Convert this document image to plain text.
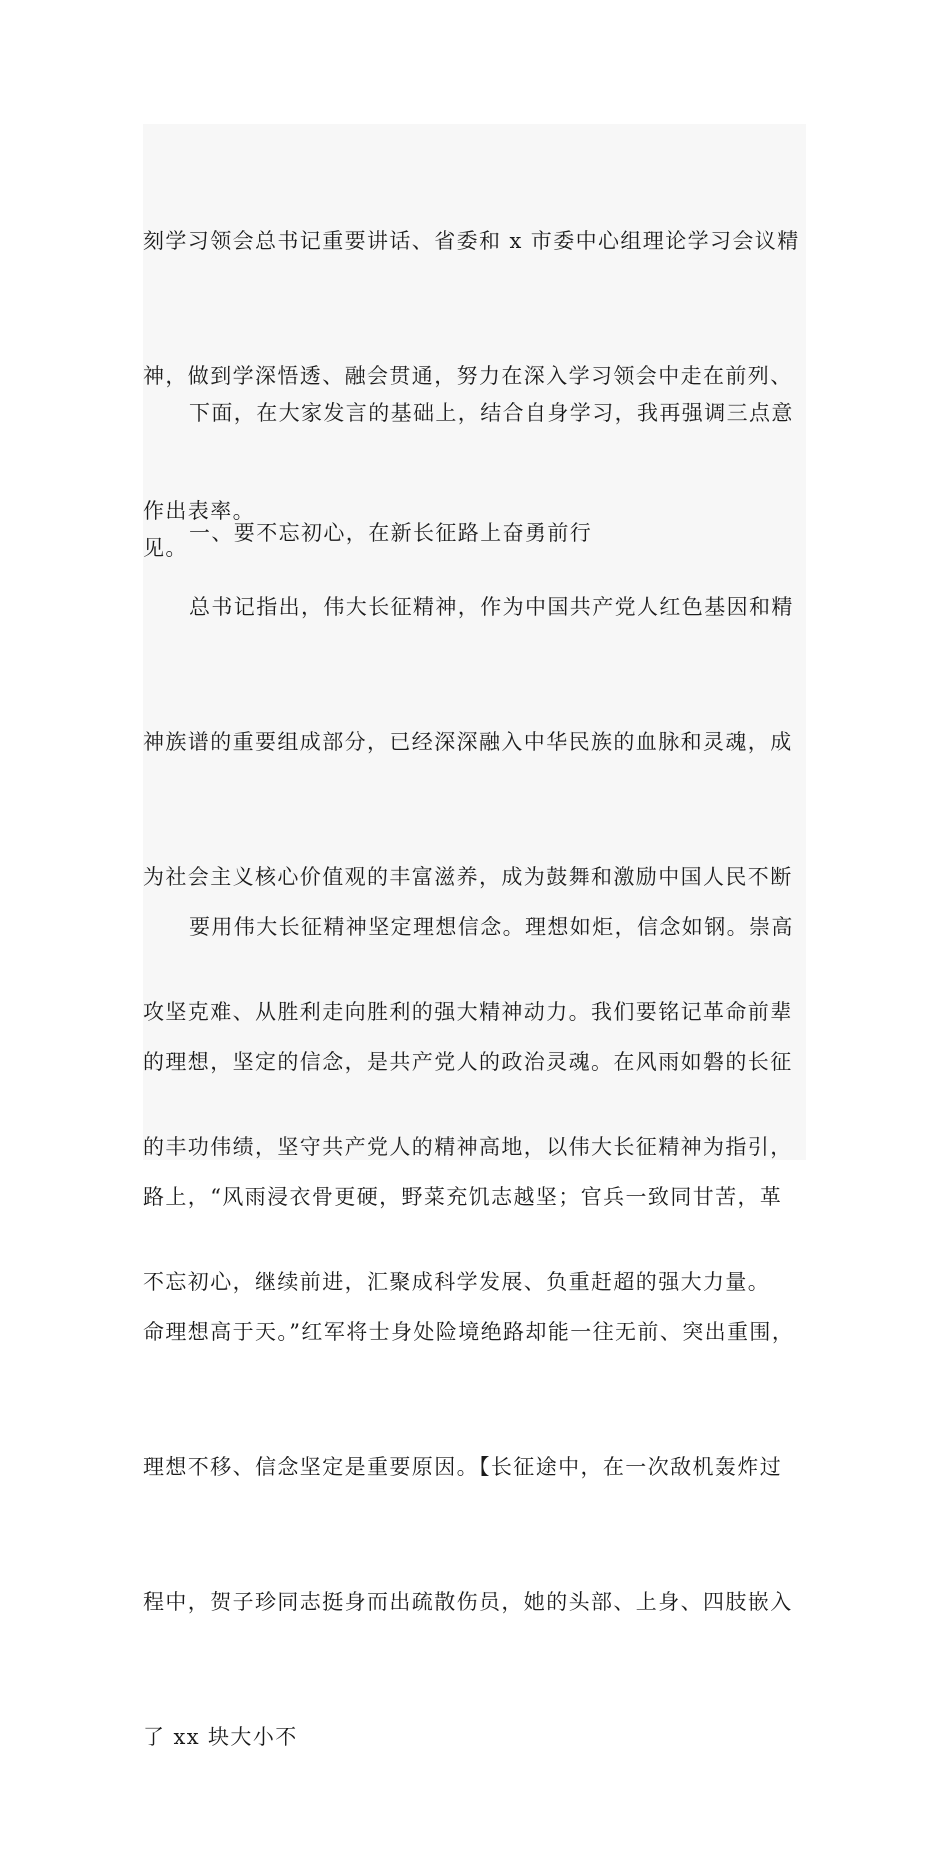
刻学习领会总书记重要讲话、省委和 x 市委中心组理论学习会议精

神，做到学深悟透、融会贯通，努力在深入学习领会中走在前列、

作出表率。

下面，在大家发言的基础上，结合自身学习，我再强调三点意

见。

一、要不忘初心，在新长征路上奋勇前行

总书记指出，伟大长征精神，作为中国共产党人红色基因和精

神族谱的重要组成部分，已经深深融入中华民族的血脉和灵魂，成

为社会主义核心价值观的丰富滋养，成为鼓舞和激励中国人民不断

攻坚克难、从胜利走向胜利的强大精神动力。我们要铭记革命前辈

的丰功伟绩，坚守共产党人的精神高地，以伟大长征精神为指引，

不忘初心，继续前进，汇聚成科学发展、负重赶超的强大力量。

要用伟大长征精神坚定理想信念。理想如炬，信念如钢。崇高

的理想，坚定的信念，是共产党人的政治灵魂。在风雨如磐的长征

路上，“风雨浸衣骨更硬，野菜充饥志越坚；官兵一致同甘苦，革

命理想高于天。”红军将士身处险境绝路却能一往无前、突出重围，

理想不移、信念坚定是重要原因。【长征途中，在一次敌机轰炸过

程中，贺子珍同志挺身而出疏散伤员，她的头部、上身、四肢嵌入

了 xx 块大小不
